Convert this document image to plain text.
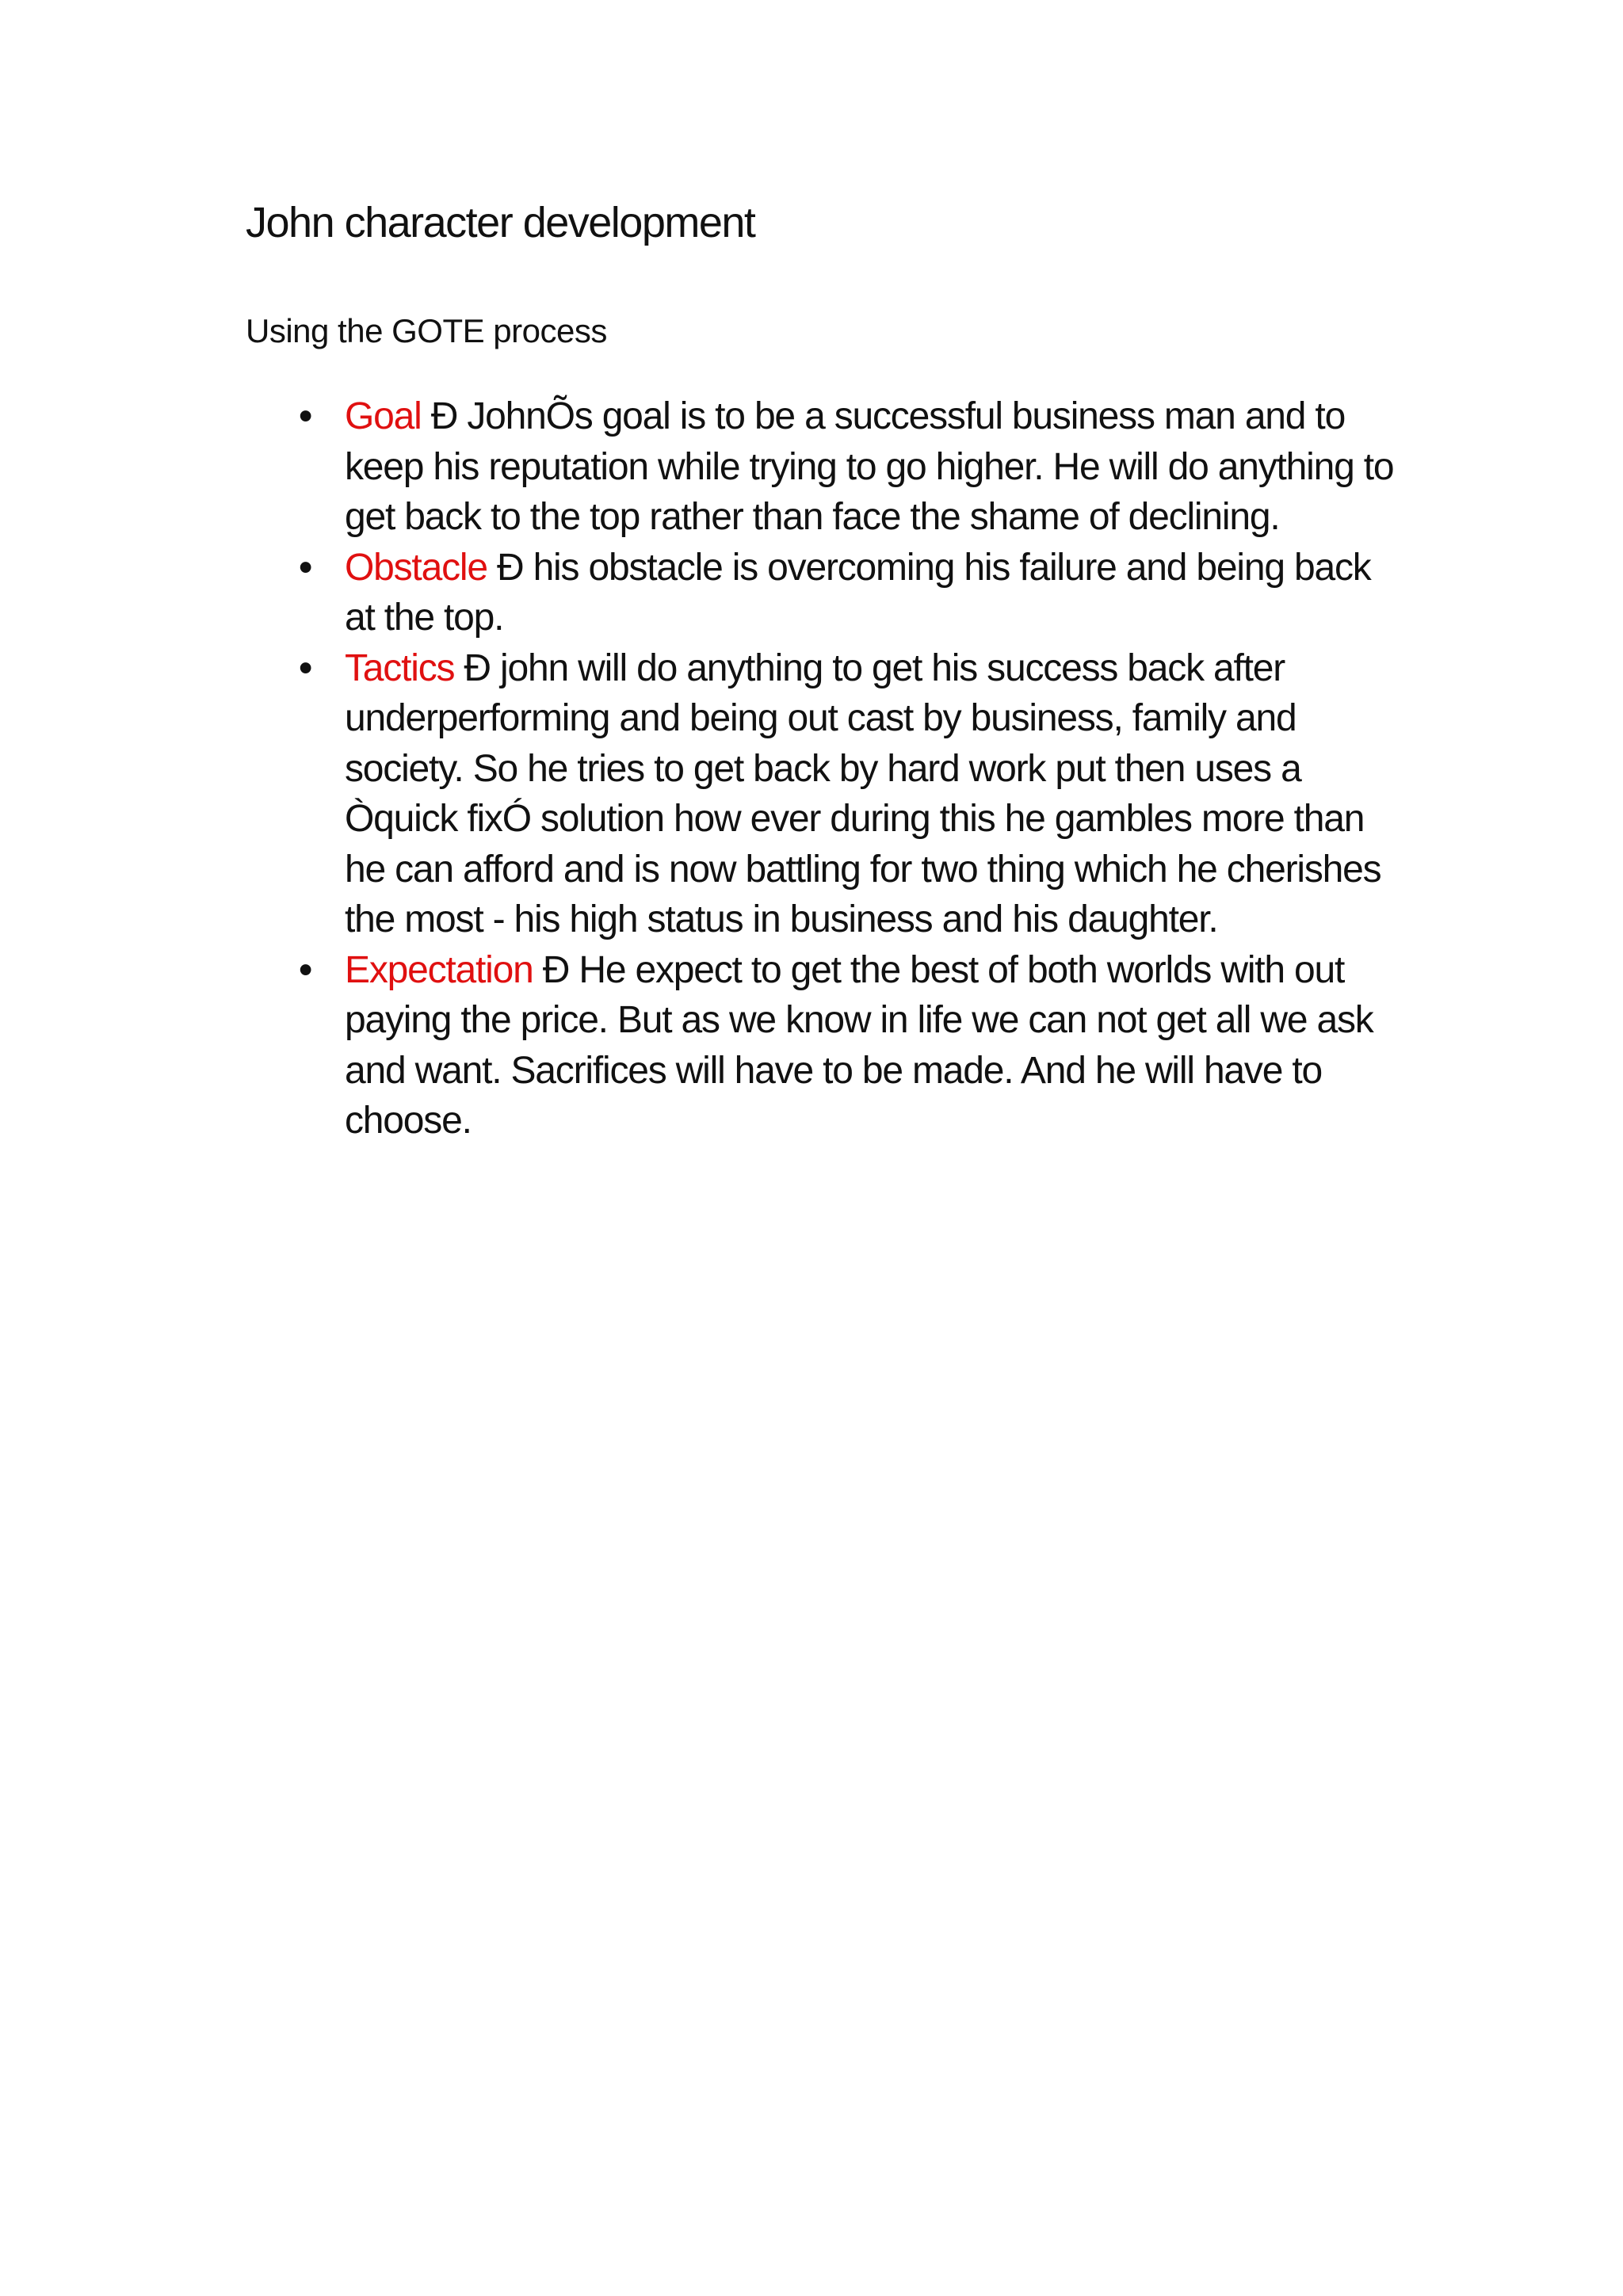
John character development

Using the GOTE process

• Goal Ð JohnÕs goal is to be a successful business man and to keep his reputation while trying to go higher. He will do anything to get back to the top rather than face the shame of declining.
• Obstacle Ð his obstacle is overcoming his failure and being back at the top.
• Tactics Ð john will do anything to get his success back after underperforming and being out cast by business, family and society. So he tries to get back by hard work put then uses a Òquick fixÓ solution how ever during this he gambles more than he can afford and is now battling for two thing which he cherishes the most - his high status in business and his daughter.
• Expectation Ð He expect to get the best of both worlds with out paying the price. But as we know in life we can not get all we ask and want. Sacrifices will have to be made. And he will have to choose.
